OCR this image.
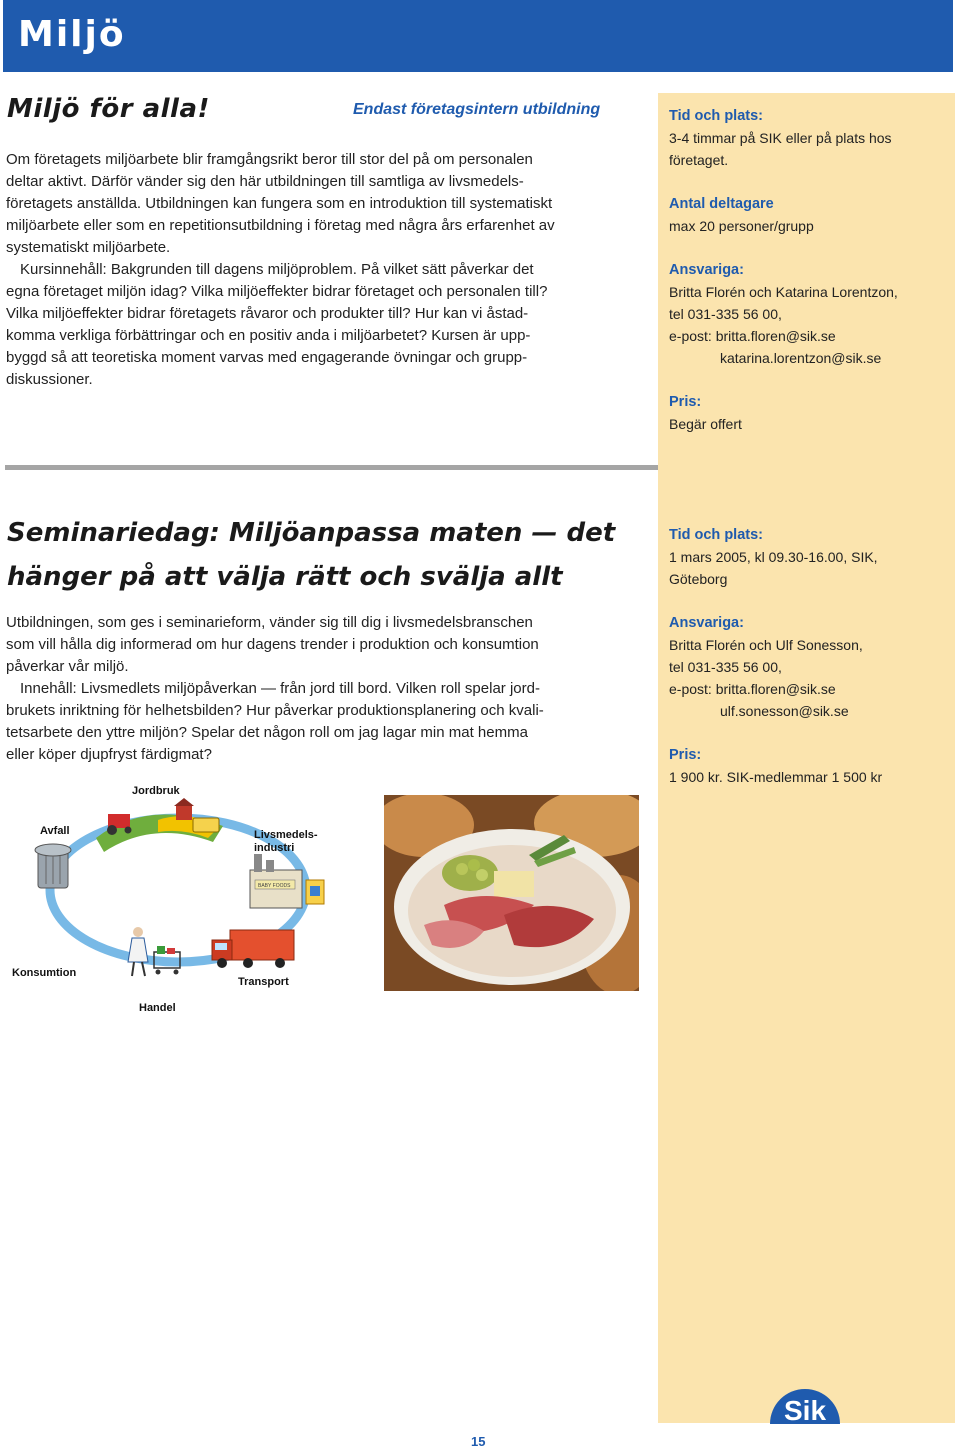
Miljö
Miljö för alla!	Endast företagsintern utbildning

Om företagets miljöarbete blir framgångsrikt beror till stor del på om personalen
deltar aktivt. Därför vänder sig den här utbildningen till samtliga av livsmedels-
företagets anställda. Utbildningen kan fungera som en introduktion till systematiskt
miljöarbete eller som en repetitionsutbildning i företag med några års erfarenhet av
systematiskt miljöarbete.

Kursinnehåll: Bakgrunden till dagens miljöproblem. På vilket sätt påverkar det
egna företaget miljön idag? Vilka miljöeffekter bidrar företaget och personalen till?
Vilka miljöeffekter bidrar företagets råvaror och produkter till? Hur kan vi åstad-
komma verkliga förbättringar och en positiv anda i miljöarbetet? Kursen är upp-
byggd så att teoretiska moment varvas med engagerande övningar och grupp-
diskussioner.

Tid och plats:
3-4 timmar på SIK eller på plats hos
företaget.
Antal deltagare
max 20 personer/grupp
Ansvariga:
Britta Florén och Katarina Lorentzon,
tel 031-335 56 00,
e-post: britta.floren@sik.se
katarina.lorentzon@sik.se
Pris:
Begär offert
Seminariedag: Miljöanpassa maten — det
hänger på att välja rätt och svälja allt

Utbildningen, som ges i seminarieform, vänder sig till dig i livsmedelsbranschen
som vill hålla dig informerad om hur dagens trender i produktion och konsumtion
påverkar vår miljö.

Innehåll: Livsmedlets miljöpåverkan — från jord till bord. Vilken roll spelar jord-
brukets inriktning för helhetsbilden? Hur påverkar produktionsplanering och kvali-
tetsarbete den yttre miljön? Spelar det någon roll om jag lagar min mat hemma
eller köper djupfryst färdigmat?

Tid och plats:
1 mars 2005, kl 09.30-16.00, SIK,
Göteborg
Ansvariga:
Britta Florén och Ulf Sonesson,
tel 031-335 56 00,
e-post: britta.floren@sik.se
ulf.sonesson@sik.se
Pris:
1 900 kr. SIK-medlemmar 1 500 kr
Jordbruk
Avfall
BABY FOODS
Livsmedels-
industri
Transport
Handel
Konsumtion
Sik
15
